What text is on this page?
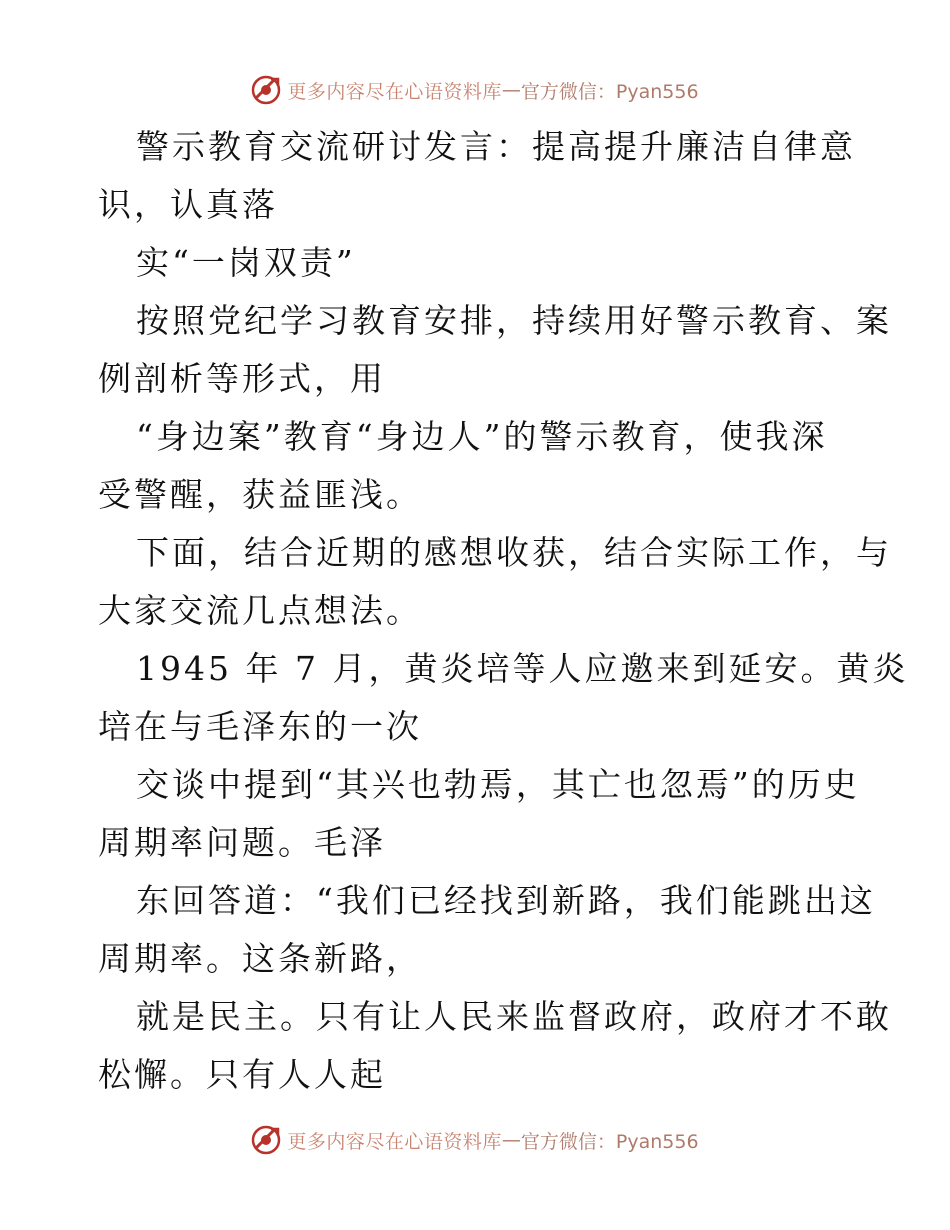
更多内容尽在心语资料库 — 官方微信：Pyan556
警示教育交流研讨发言：提高提升廉洁自律意
识，认真落
实“一岗双责”
按照党纪学习教育安排，持续用好警示教育、案
例剖析等形式，用
“身边案”教育“身边人”的警示教育，使我深
受警醒，获益匪浅。
下面，结合近期的感想收获，结合实际工作，与
大家交流几点想法。
1945 年 7 月，黄炎培等人应邀来到延安。黄炎
培在与毛泽东的一次
交谈中提到“其兴也勃焉，其亡也忽焉”的历史
周期率问题。毛泽
东回答道：“我们已经找到新路，我们能跳出这
周期率。这条新路，
就是民主。只有让人民来监督政府，政府才不敢
松懈。只有人人起
更多内容尽在心语资料库 — 官方微信：Pyan556
